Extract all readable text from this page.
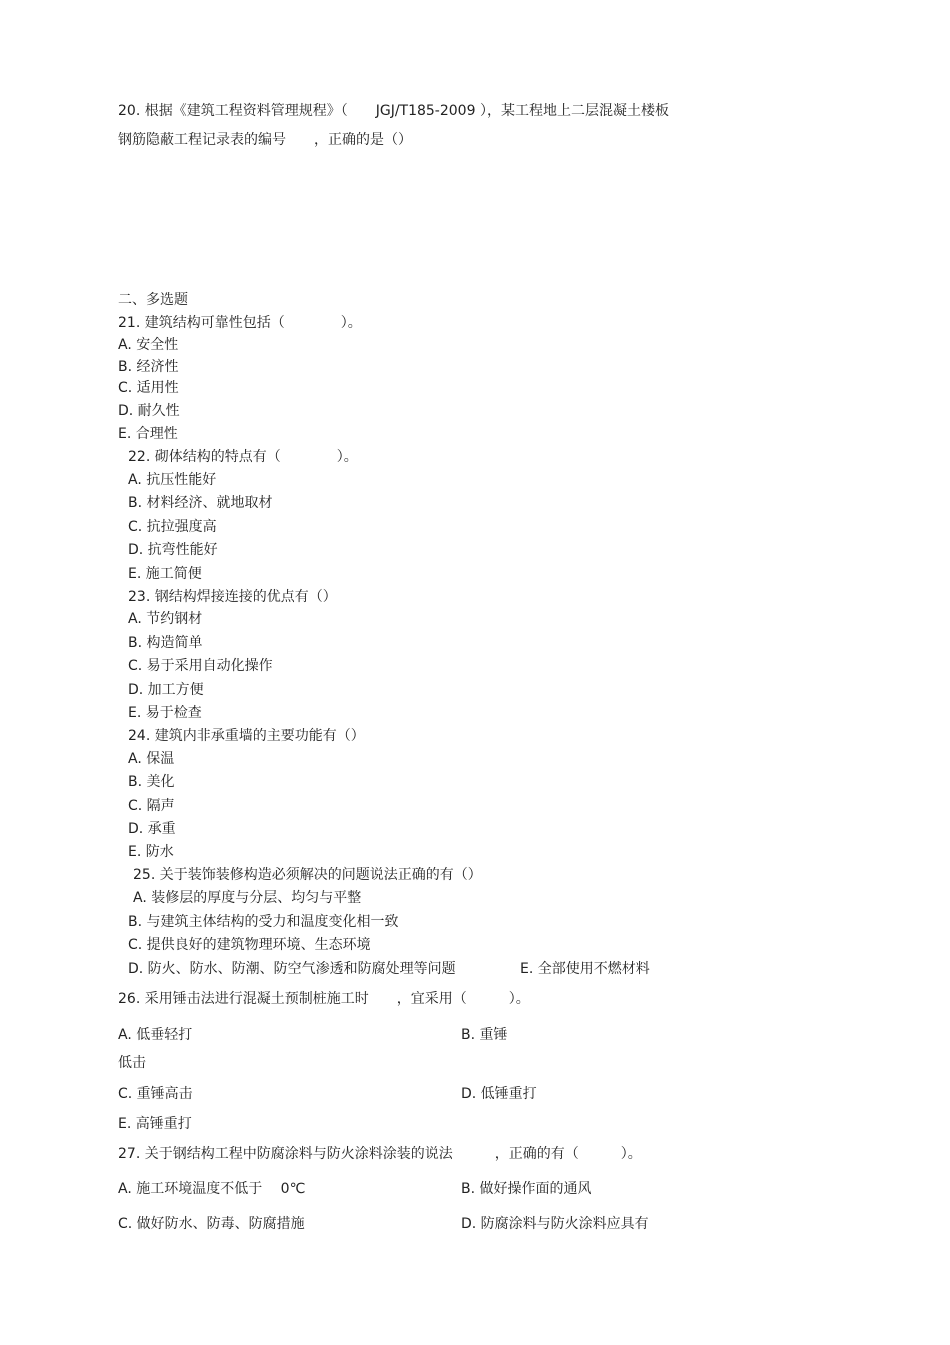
20. 根据《建筑工程资料管理规程》（　　JGJ/T185-2009 ），某工程地上二层混凝土楼板
钢筋隐蔽工程记录表的编号　　，正确的是（）
二、多选题
21. 建筑结构可靠性包括（　　　　）。
A. 安全性
B. 经济性
C. 适用性
D. 耐久性
E. 合理性
22. 砌体结构的特点有（　　　　）。
A. 抗压性能好
B. 材料经济、就地取材
C. 抗拉强度高
D. 抗弯性能好
E. 施工简便
23. 钢结构焊接连接的优点有（）
A. 节约钢材
B. 构造简单
C. 易于采用自动化操作
D. 加工方便
E. 易于检查
24. 建筑内非承重墙的主要功能有（）
A. 保温
B. 美化
C. 隔声
D. 承重
E. 防水
25. 关于装饰装修构造必须解决的问题说法正确的有（）
A. 装修层的厚度与分层、均匀与平整
B. 与建筑主体结构的受力和温度变化相一致
C. 提供良好的建筑物理环境、生态环境
D. 防火、防水、防潮、防空气渗透和防腐处理等问题	E. 全部使用不燃材料
26. 采用锤击法进行混凝土预制桩施工时　　，宜采用（　　　）。
A. 低垂轻打	B. 重锤
低击
C. 重锤高击	D. 低锤重打
E. 高锤重打
27. 关于钢结构工程中防腐涂料与防火涂料涂装的说法　　　，正确的有（　　　）。
A. 施工环境温度不低于　 0℃	B. 做好操作面的通风
C. 做好防水、防毒、防腐措施	D. 防腐涂料与防火涂料应具有
